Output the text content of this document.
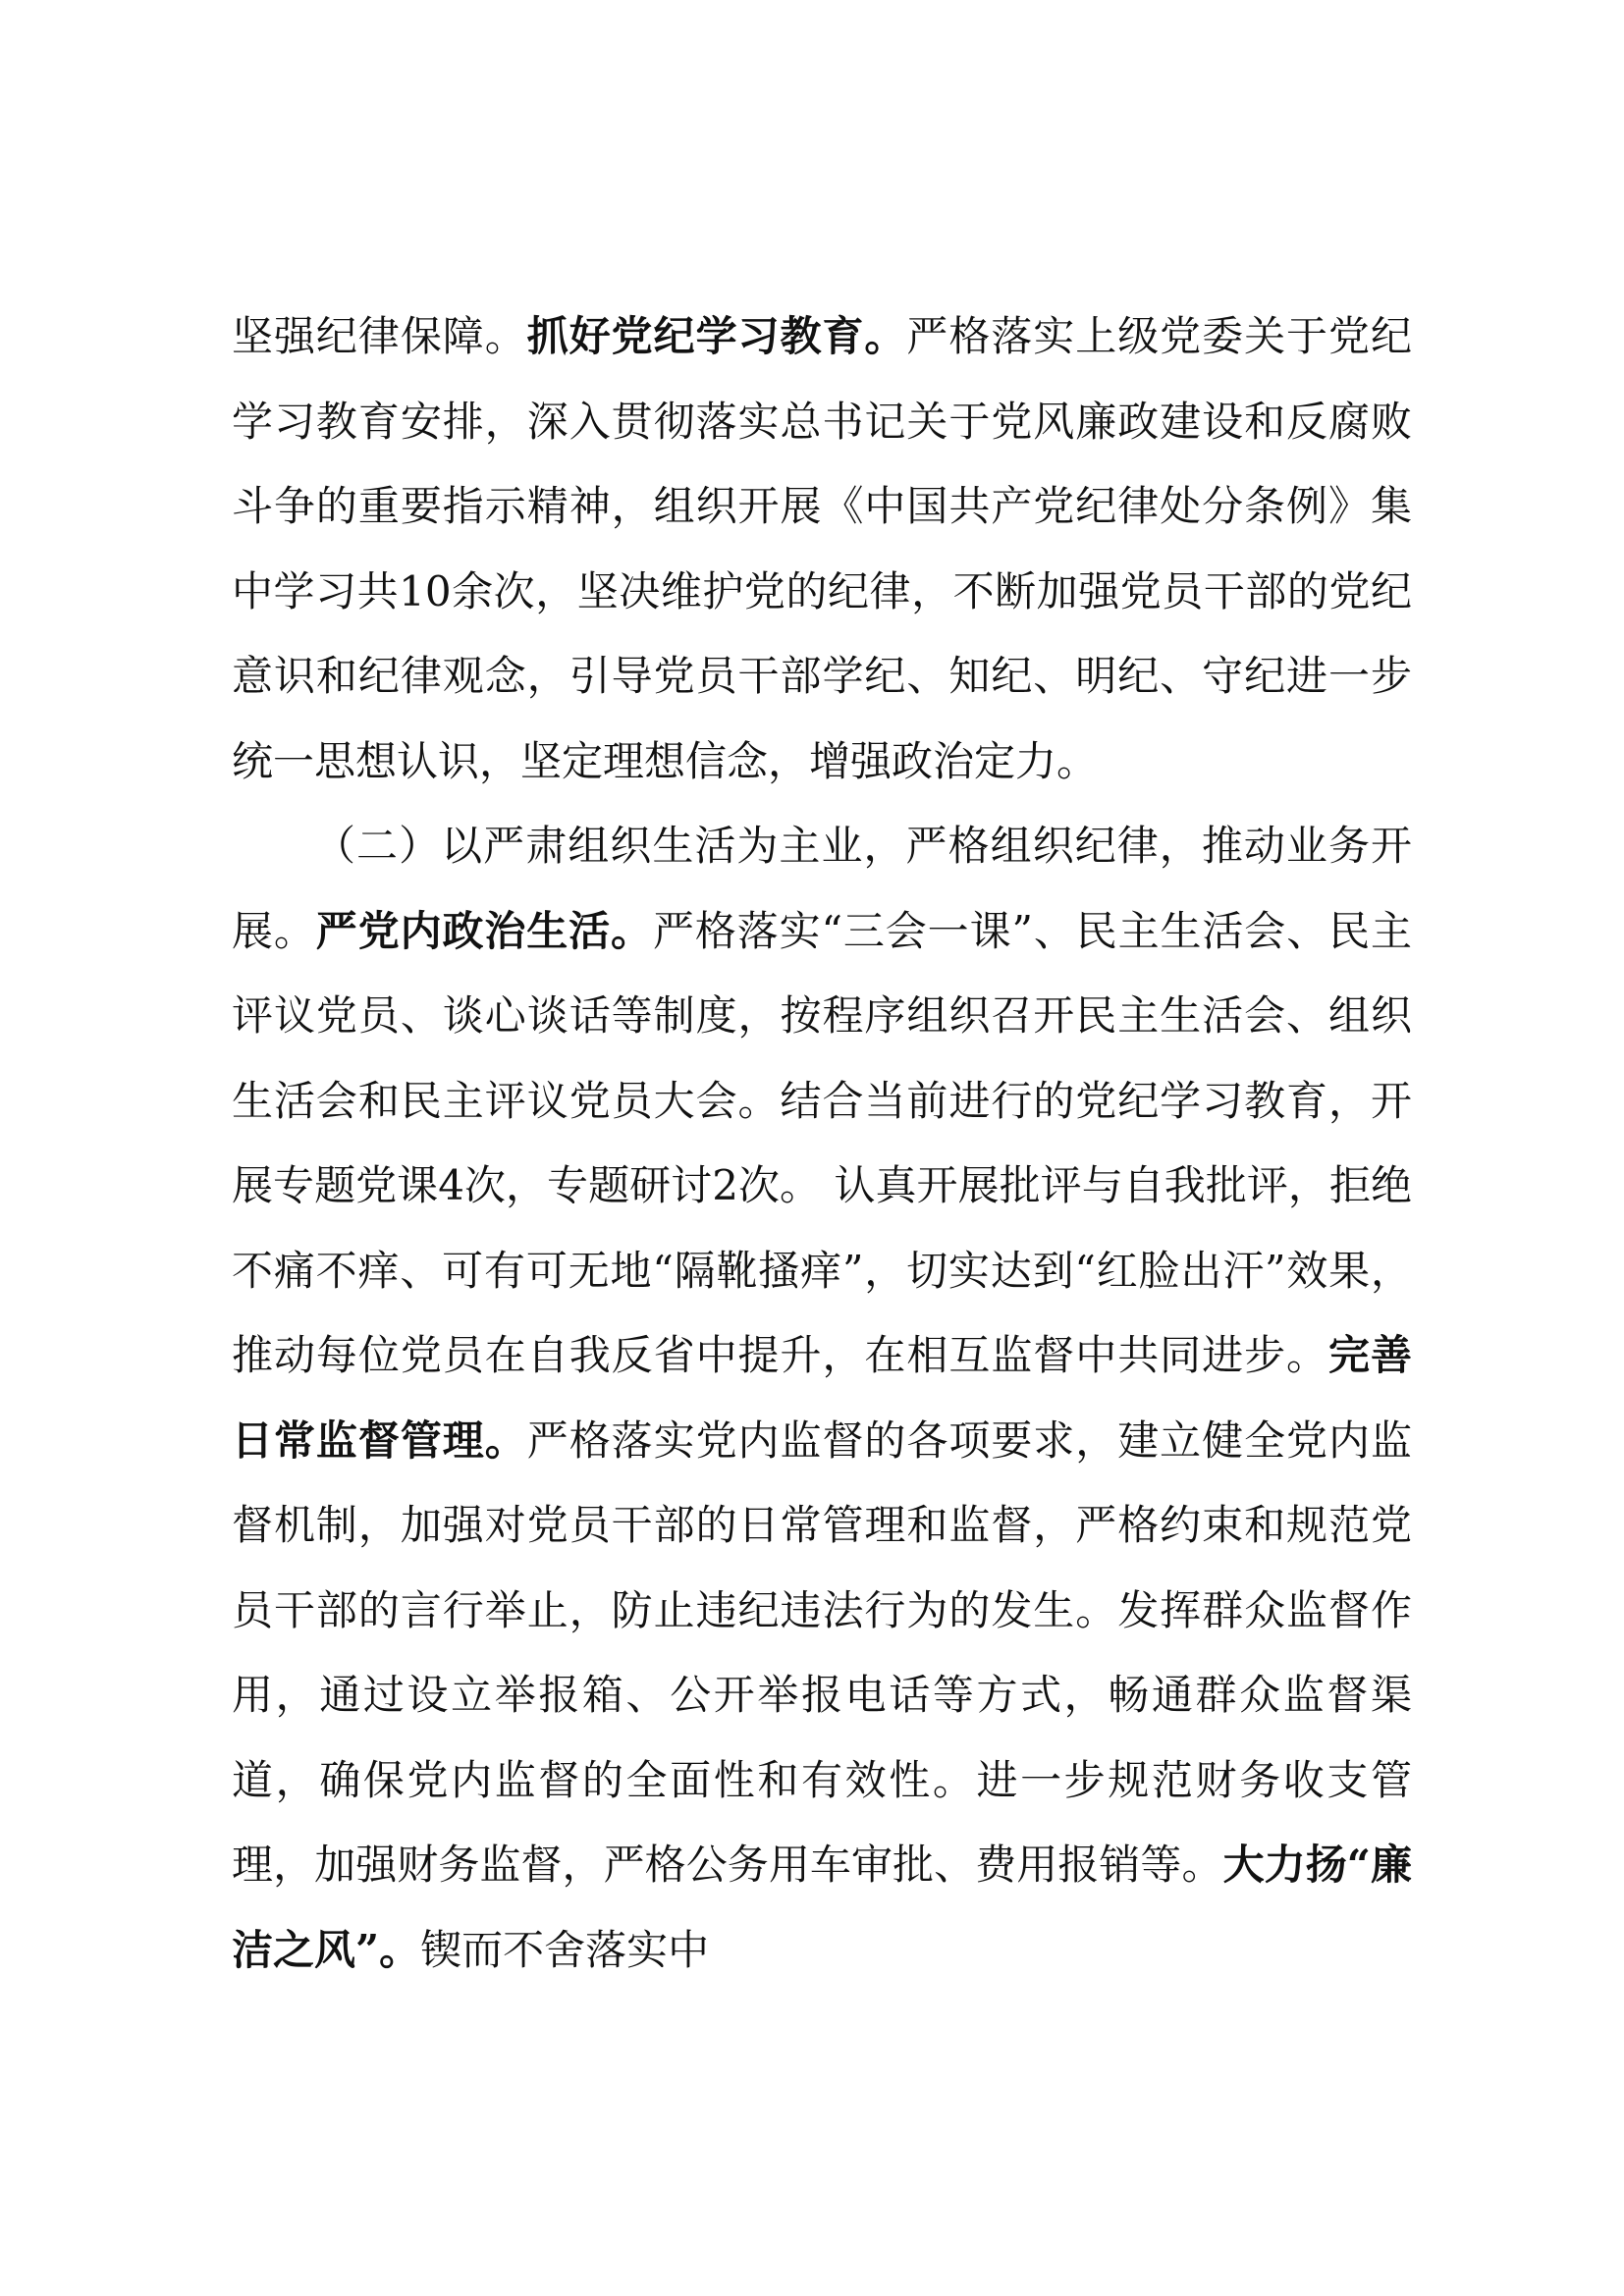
坚强纪律保障。抓好党纪学习教育。严格落实上级党委关于党纪学习教育安排，深入贯彻落实总书记关于党风廉政建设和反腐败斗争的重要指示精神，组织开展《中国共产党纪律处分条例》集中学习共10余次，坚决维护党的纪律，不断加强党员干部的党纪意识和纪律观念，引导党员干部学纪、知纪、明纪、守纪进一步统一思想认识，坚定理想信念，增强政治定力。

（二）以严肃组织生活为主业，严格组织纪律，推动业务开展。严党内政治生活。严格落实“三会一课”、民主生活会、民主评议党员、谈心谈话等制度，按程序组织召开民主生活会、组织生活会和民主评议党员大会。结合当前进行的党纪学习教育，开展专题党课4次，专题研讨2次。 认真开展批评与自我批评，拒绝不痛不痒、可有可无地“隔靴搔痒”，切实达到“红脸出汗”效果，推动每位党员在自我反省中提升，在相互监督中共同进步。完善日常监督管理。严格落实党内监督的各项要求，建立健全党内监督机制，加强对党员干部的日常管理和监督，严格约束和规范党员干部的言行举止，防止违纪违法行为的发生。发挥群众监督作用，通过设立举报箱、公开举报电话等方式，畅通群众监督渠道，确保党内监督的全面性和有效性。进一步规范财务收支管理，加强财务监督，严格公务用车审批、费用报销等。大力扬“廉洁之风”。锲而不舍落实中
